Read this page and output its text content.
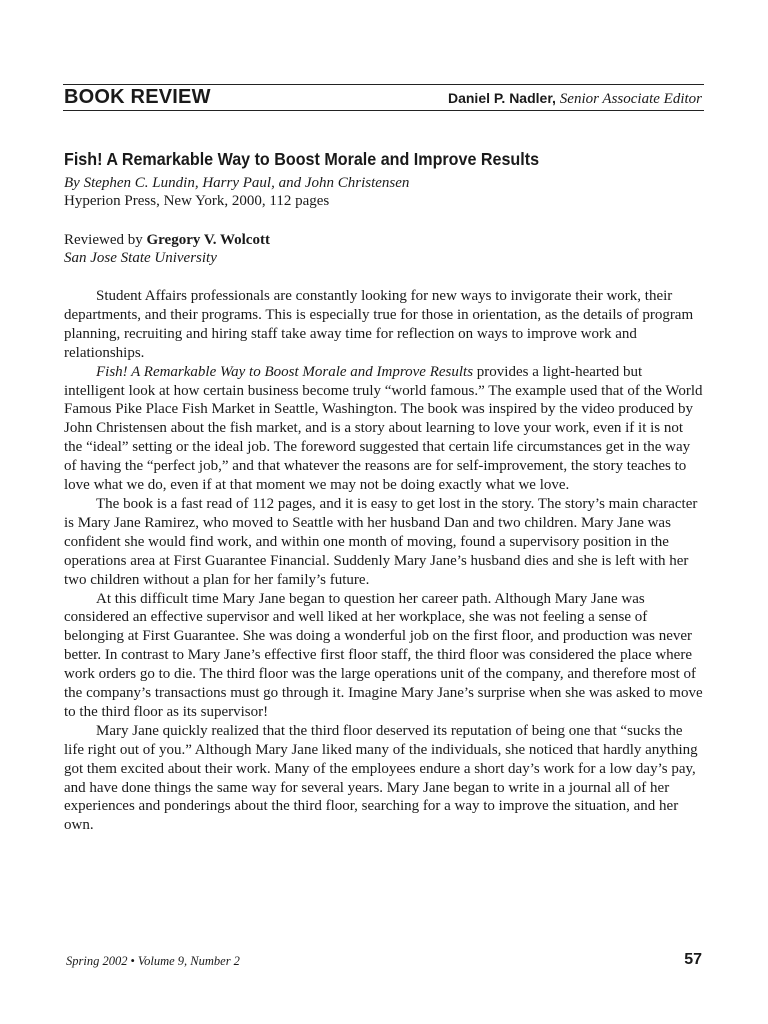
BOOK REVIEW	Daniel P. Nadler, Senior Associate Editor
Fish! A Remarkable Way to Boost Morale and Improve Results
By Stephen C. Lundin, Harry Paul, and John Christensen
Hyperion Press, New York, 2000, 112 pages
Reviewed by Gregory V. Wolcott
San Jose State University

Student Affairs professionals are constantly looking for new ways to invigorate their work, their departments, and their programs. This is especially true for those in orientation, as the details of program planning, recruiting and hiring staff take away time for reflection on ways to improve work and relationships.

Fish! A Remarkable Way to Boost Morale and Improve Results provides a light-hearted but intelligent look at how certain business become truly “world famous.” The example used that of the World Famous Pike Place Fish Market in Seattle, Washington. The book was inspired by the video produced by John Christensen about the fish market, and is a story about learning to love your work, even if it is not the “ideal” setting or the ideal job. The foreword suggested that certain life circumstances get in the way of having the “perfect job,” and that whatever the reasons are for self-improvement, the story teaches to love what we do, even if at that moment we may not be doing exactly what we love.

The book is a fast read of 112 pages, and it is easy to get lost in the story. The story’s main character is Mary Jane Ramirez, who moved to Seattle with her husband Dan and two children. Mary Jane was confident she would find work, and within one month of moving, found a supervisory position in the operations area at First Guarantee Financial. Suddenly Mary Jane’s husband dies and she is left with her two children without a plan for her family’s future.

At this difficult time Mary Jane began to question her career path. Although Mary Jane was considered an effective supervisor and well liked at her workplace, she was not feeling a sense of belonging at First Guarantee. She was doing a wonderful job on the first floor, and production was never better. In contrast to Mary Jane’s effective first floor staff, the third floor was considered the place where work orders go to die. The third floor was the large operations unit of the company, and therefore most of the company’s transactions must go through it. Imagine Mary Jane’s surprise when she was asked to move to the third floor as its supervisor!

Mary Jane quickly realized that the third floor deserved its reputation of being one that “sucks the life right out of you.” Although Mary Jane liked many of the individuals, she noticed that hardly anything got them excited about their work. Many of the employees endure a short day’s work for a low day’s pay, and have done things the same way for several years. Mary Jane began to write in a journal all of her experiences and ponderings about the third floor, searching for a way to improve the situation, and her own.

Spring 2002 • Volume 9, Number 2	57
